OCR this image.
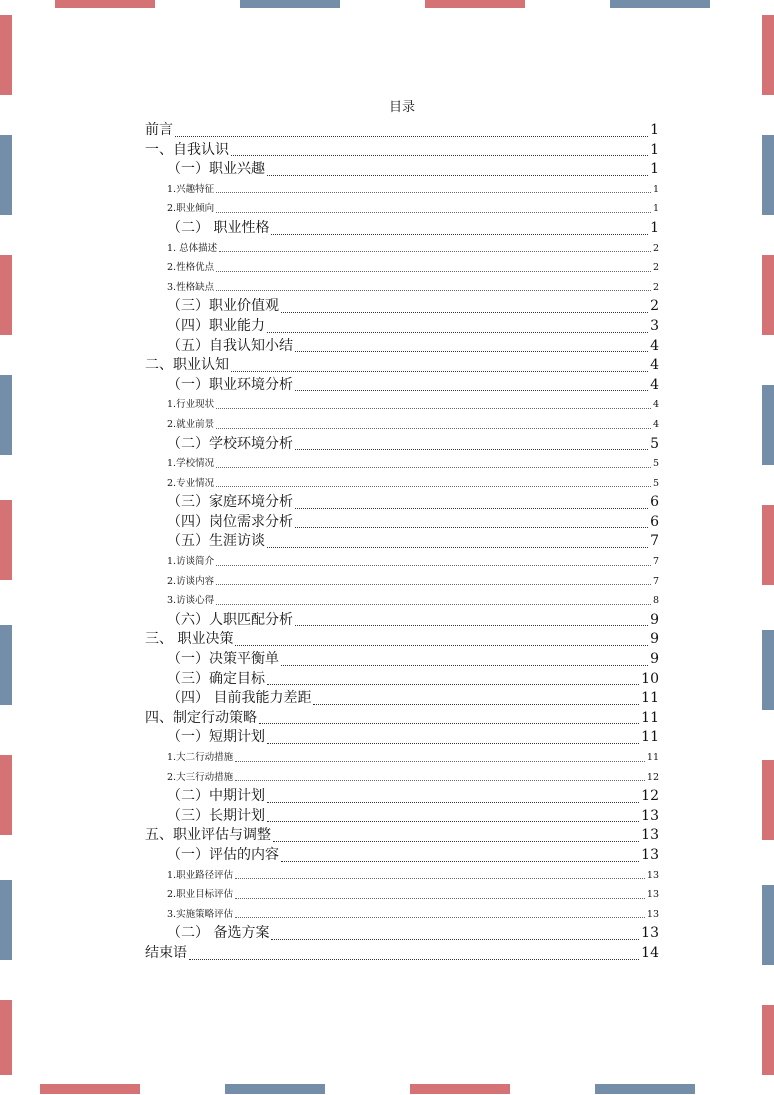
目录
前言	1
一、自我认识	1
（一）职业兴趣	1
1.兴趣特征	1
2.职业倾向	1
（二） 职业性格	1
1. 总体描述	2
2.性格优点	2
3.性格缺点	2
（三）职业价值观	2
（四）职业能力	3
（五）自我认知小结	4
二、职业认知	4
（一）职业环境分析	4
1.行业现状	4
2.就业前景	4
（二）学校环境分析	5
1.学校情况	5
2.专业情况	5
（三）家庭环境分析	6
（四）岗位需求分析	6
（五）生涯访谈	7
1.访谈简介	7
2.访谈内容	7
3.访谈心得	8
（六）人职匹配分析	9
三、 职业决策	9
（一）决策平衡单	9
（三）确定目标	10
（四） 目前我能力差距	11
四、制定行动策略	11
（一）短期计划	11
1.大二行动措施	11
2.大三行动措施	12
（二）中期计划	12
（三）长期计划	13
五、职业评估与调整	13
（一）评估的内容	13
1.职业路径评估	13
2.职业目标评估	13
3.实施策略评估	13
（二） 备选方案	13
结束语	14
